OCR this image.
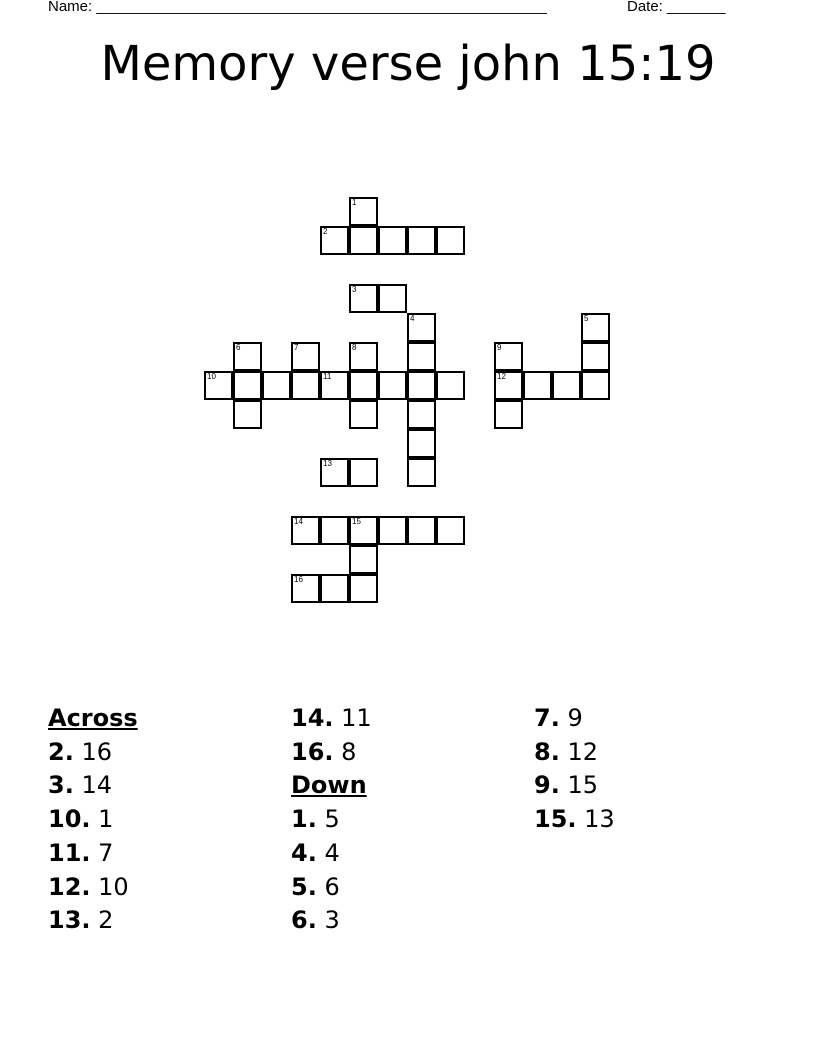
Name: ______________________________________________________	Date: _______
Memory verse john 15:19
1
2
3
4	5
6	7	8	9
10	11	12
13
14	15
16
Across
2. 16
3. 14
10. 1
11. 7
12. 10
13. 2
14. 11
16. 8
Down
1. 5
4. 4
5. 6
6. 3
7. 9
8. 12
9. 15
15. 13
